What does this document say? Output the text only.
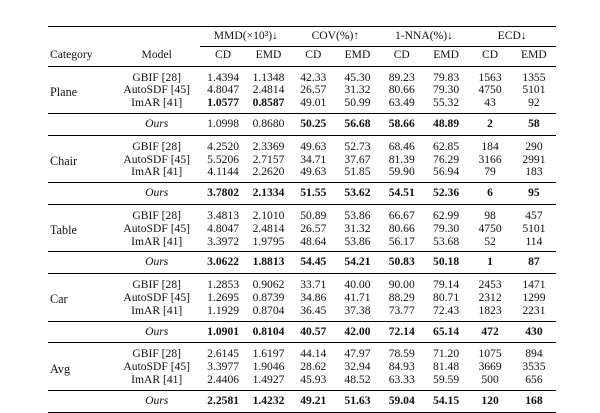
		MMD(×10³)↓		COV(%)↑		1-NNA(%)↓		ECD↓	
Category	Model	CD	EMD	CD	EMD	CD	EMD	CD	EMD
Plane	GBIF [28]	1.4394	1.1348	42.33	45.30	89.23	79.83	1563	1355
	AutoSDF [45]	4.8047	2.4814	26.57	31.32	80.66	79.30	4750	5101
	ImAR [41]	1.0577	0.8587	49.01	50.99	63.49	55.32	43	92
	Ours	1.0998	0.8680	50.25	56.68	58.66	48.89	2	58
Chair	GBIF [28]	4.2520	2.3369	49.63	52.73	68.46	62.85	184	290
	AutoSDF [45]	5.5206	2.7157	34.71	37.67	81.39	76.29	3166	2991
	ImAR [41]	4.1144	2.2620	49.63	51.85	59.90	56.94	79	183
	Ours	3.7802	2.1334	51.55	53.62	54.51	52.36	6	95
Table	GBIF [28]	3.4813	2.1010	50.89	53.86	66.67	62.99	98	457
	AutoSDF [45]	4.8047	2.4814	26.57	31.32	80.66	79.30	4750	5101
	ImAR [41]	3.3972	1.9795	48.64	53.86	56.17	53.68	52	114
	Ours	3.0622	1.8813	54.45	54.21	50.83	50.18	1	87
Car	GBIF [28]	1.2853	0.9062	33.71	40.00	90.00	79.14	2453	1471
	AutoSDF [45]	1.2695	0.8739	34.86	41.71	88.29	80.71	2312	1299
	ImAR [41]	1.1929	0.8704	36.45	37.38	73.77	72.43	1823	2231
	Ours	1.0901	0.8104	40.57	42.00	72.14	65.14	472	430
Avg	GBIF [28]	2.6145	1.6197	44.14	47.97	78.59	71.20	1075	894
	AutoSDF [45]	3.3977	1.9046	28.62	32.94	84.93	81.48	3669	3535
	ImAR [41]	2.4406	1.4927	45.93	48.52	63.33	59.59	500	656
	Ours	2.2581	1.4232	49.21	51.63	59.04	54.15	120	168
